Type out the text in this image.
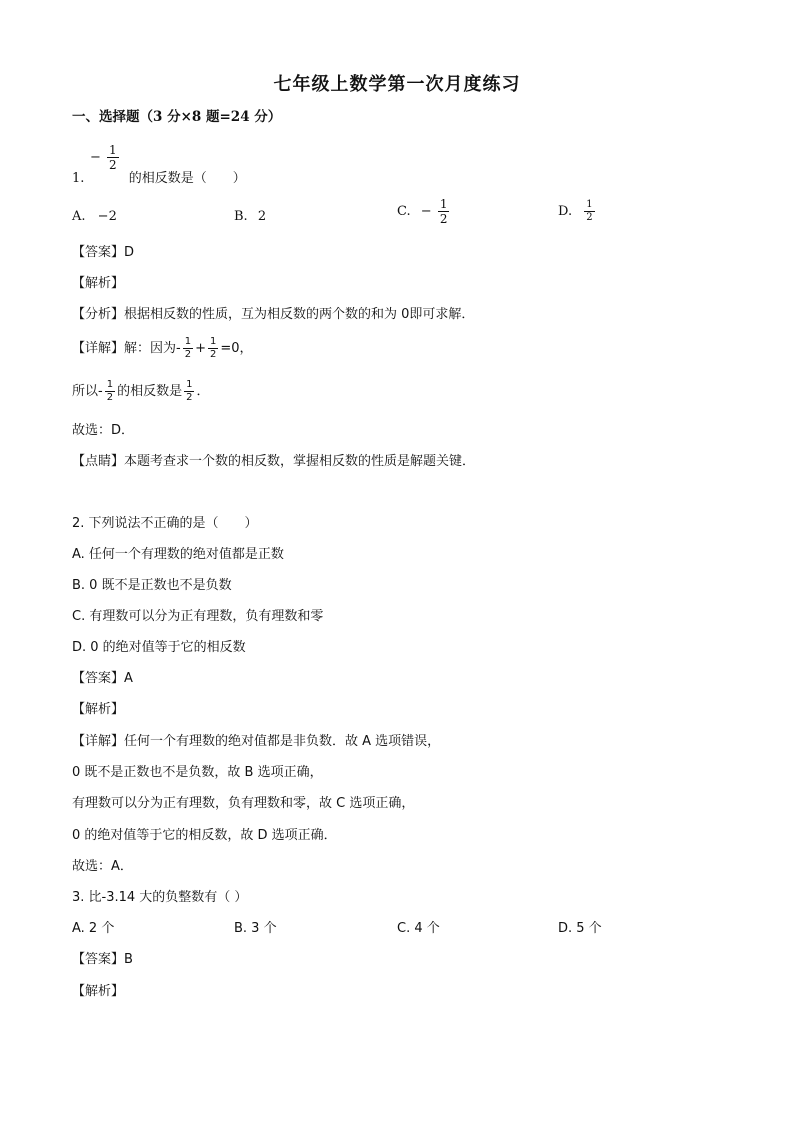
七年级上数学第一次月度练习
一、选择题（3 分×8 题=24 分）
− $\frac{1}{2}$
1.	的相反数是（　　）
A. −2	B. 2	C. − $\frac{1}{2}$	D. $\frac{1}{2}$
【答案】D
【解析】
【分析】根据相反数的性质，互为相反数的两个数的和为 0即可求解．
【详解】解：因为- $\frac{1}{2} + \frac{1}{2} =0$，
所以- $\frac{1}{2}$ 的相反数是 $\frac{1}{2}$ ．
故选：D．
【点睛】本题考查求一个数的相反数，掌握相反数的性质是解题关键．
2. 下列说法不正确的是（　　）
A. 任何一个有理数的绝对值都是正数
B. 0 既不是正数也不是负数
C. 有理数可以分为正有理数，负有理数和零
D. 0 的绝对值等于它的相反数
【答案】A
【解析】
【详解】任何一个有理数的绝对值都是非负数．故 A 选项错误，
0 既不是正数也不是负数，故 B 选项正确，
有理数可以分为正有理数，负有理数和零，故 C 选项正确，
0 的绝对值等于它的相反数，故 D 选项正确．
故选：A．
3. 比-3.14 大的负整数有（ ）
A. 2 个	B. 3 个	C. 4 个	D. 5 个
【答案】B
【解析】
